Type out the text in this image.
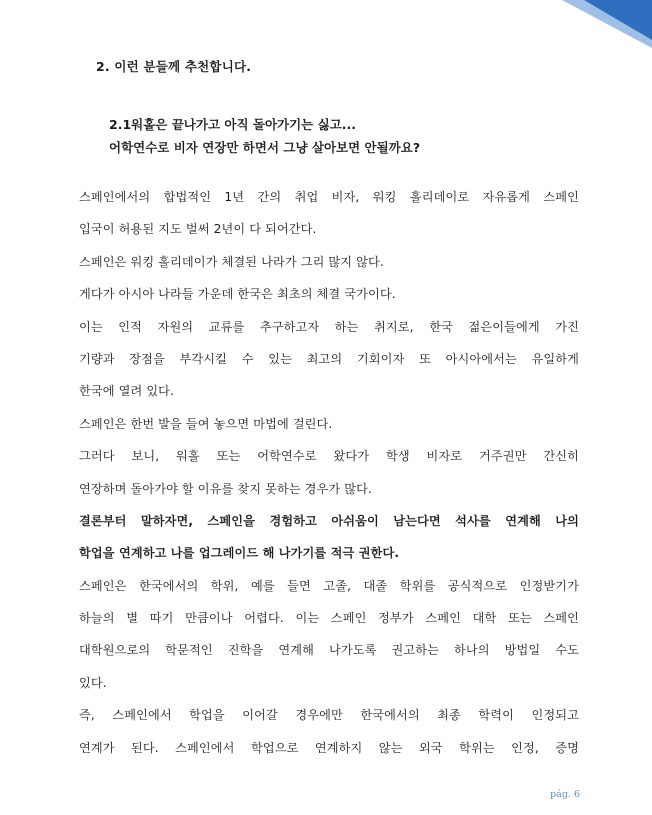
2. 이런 분들께 추천합니다.
2.1워홀은 끝나가고 아직 돌아가기는 싫고...
어학연수로 비자 연장만 하면서 그냥 살아보면 안될까요?
스페인에서의 합법적인 1년 간의 취업 비자, 워킹 홀리데이로 자유롭게 스페인
입국이 허용된 지도 벌써 2년이 다 되어간다.
스페인은 워킹 홀리데이가 체결된 나라가 그리 많지 않다.
게다가 아시아 나라들 가운데 한국은 최초의 체결 국가이다.
이는 인적 자원의 교류를 추구하고자 하는 취지로, 한국 젊은이들에게 가진
기량과 장점을 부각시킬 수 있는 최고의 기회이자 또 아시아에서는 유일하게
한국에 열려 있다.
스페인은 한번 발을 들여 놓으면 마법에 걸린다.
그러다 보니, 워홀 또는 어학연수로 왔다가 학생 비자로 거주권만 간신히
연장하며 돌아가야 할 이유를 찾지 못하는 경우가 많다.
결론부터 말하자면, 스페인을 경험하고 아쉬움이 남는다면 석사를 연계해 나의
학업을 연계하고 나를 업그레이드 해 나가기를 적극 권한다.
스페인은 한국에서의 학위, 예를 들면 고졸, 대졸 학위를 공식적으로 인정받기가
하늘의 별 따기 만큼이나 어렵다. 이는 스페인 정부가 스페인 대학 또는 스페인
대학원으로의 학문적인 진학을 연계해 나가도록 권고하는 하나의 방법일 수도
있다.
즉, 스페인에서 학업을 이어갈 경우에만 한국에서의 최종 학력이 인정되고
연계가 된다. 스페인에서 학업으로 연계하지 않는 외국 학위는 인정, 증명
pág. 6
